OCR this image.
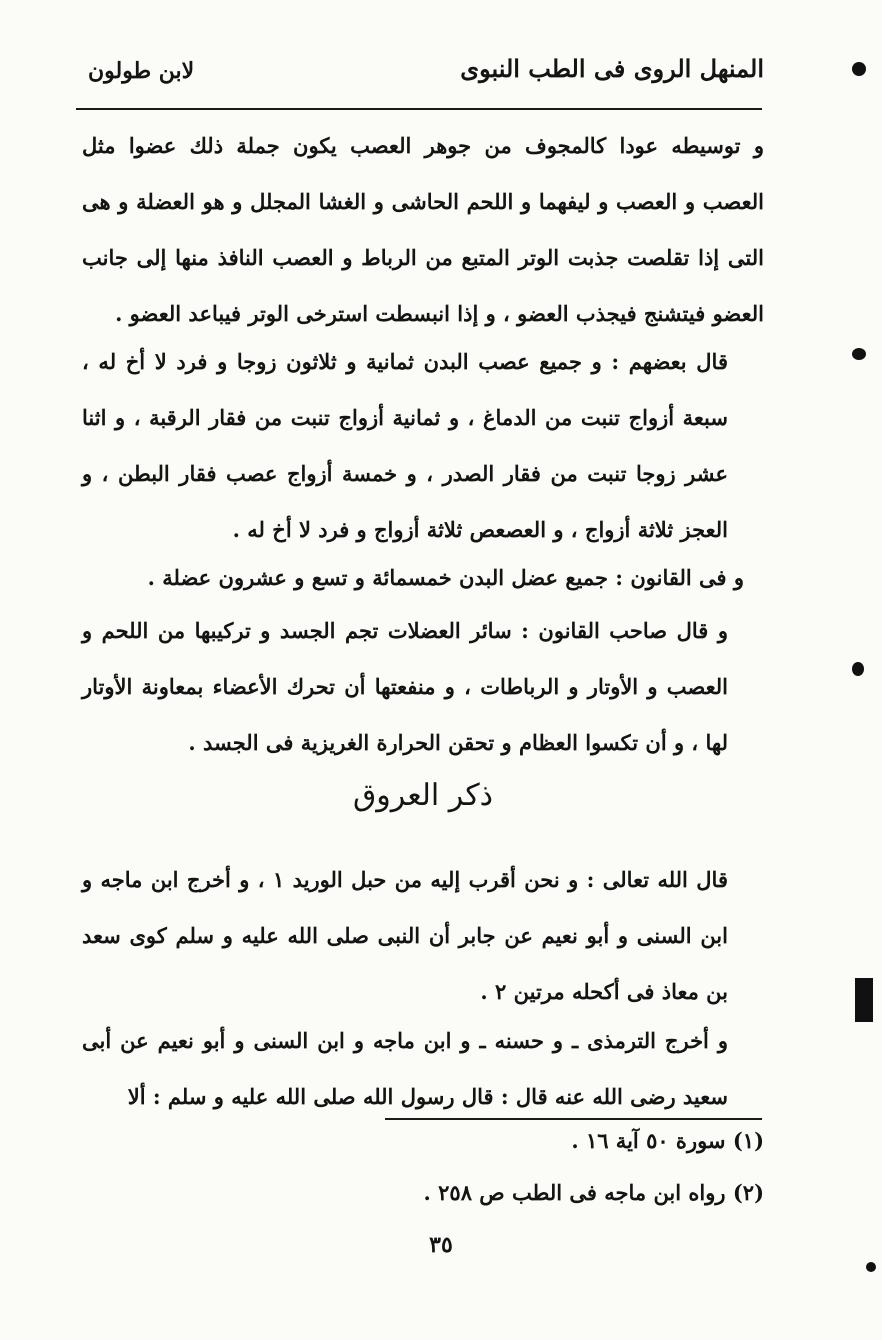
لابن طولون	المنهل الروى فى الطب النبوى
و توسيطه عودا كالمجوف من جوهر العصب يكون جملة ذلك عضوا مثل العصب و العصب و ليفهما و اللحم الحاشى و الغشا المجلل و هو العضلة و هى التى إذا تقلصت جذبت الوتر المتبع من الرباط و العصب النافذ منها إلى جانب العضو فيتشنج فيجذب العضو ، و إذا انبسطت استرخى الوتر فيباعد العضو .
قال بعضهم : و جميع عصب البدن ثمانية و ثلاثون زوجا و فرد لا أخ له ، سبعة أزواج تنبت من الدماغ ، و ثمانية أزواج تنبت من فقار الرقبة ، و اثنا عشر زوجا تنبت من فقار الصدر ، و خمسة أزواج عصب فقار البطن ، و العجز ثلاثة أزواج ، و العصعص ثلاثة أزواج و فرد لا أخ له .
و فى القانون : جميع عضل البدن خمسمائة و تسع و عشرون عضلة .
و قال صاحب القانون : سائر العضلات تجم الجسد و تركيبها من اللحم و العصب و الأوتار و الرباطات ، و منفعتها أن تحرك الأعضاء بمعاونة الأوتار لها ، و أن تكسوا العظام و تحقن الحرارة الغريزية فى الجسد .
ذكر العروق
قال الله تعالى : و نحن أقرب إليه من حبل الوريد ١ ، و أخرج ابن ماجه و ابن السنى و أبو نعيم عن جابر أن النبى صلى الله عليه و سلم كوى سعد بن معاذ فى أكحله مرتين ٢ .
و أخرج الترمذى ـ و حسنه ـ و ابن ماجه و ابن السنى و أبو نعيم عن أبى سعيد رضى الله عنه قال : قال رسول الله صلى الله عليه و سلم : ألا
(١) سورة ٥٠ آية ١٦ .
(٢) رواه ابن ماجه فى الطب ص ٢٥٨ .
٣٥
